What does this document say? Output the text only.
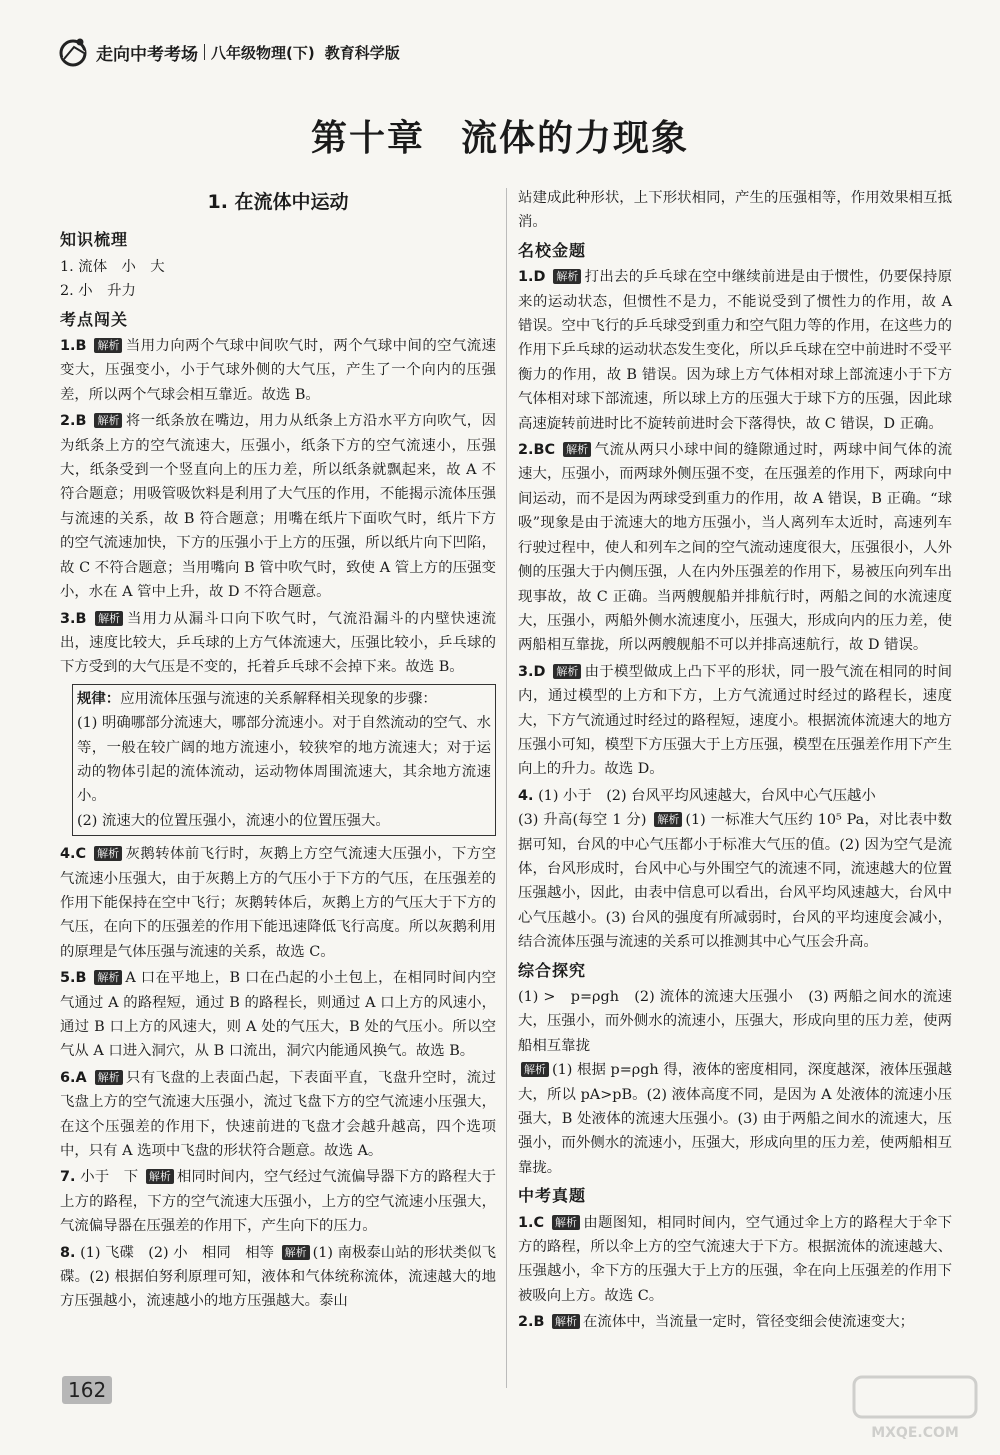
走向中考考场 八年级物理(下) 教育科学版
第十章 流体的力现象
1. 在流体中运动
知识梳理

1. 流体　小　大

2. 小　升力

考点闯关

1.B 解析 当用力向两个气球中间吹气时，两个气球中间的空气流速变大，压强变小，小于气球外侧的大气压，产生了一个向内的压强差，所以两个气球会相互靠近。故选 B。

2.B 解析 将一纸条放在嘴边，用力从纸条上方沿水平方向吹气，因为纸条上方的空气流速大，压强小，纸条下方的空气流速小，压强大，纸条受到一个竖直向上的压力差，所以纸条就飘起来，故 A 不符合题意；用吸管吸饮料是利用了大气压的作用，不能揭示流体压强与流速的关系，故 B 符合题意；用嘴在纸片下面吹气时，纸片下方的空气流速加快，下方的压强小于上方的压强，所以纸片向下凹陷，故 C 不符合题意；当用嘴向 B 管中吹气时，致使 A 管上方的压强变小，水在 A 管中上升，故 D 不符合题意。

3.B 解析 当用力从漏斗口向下吹气时，气流沿漏斗的内壁快速流出，速度比较大，乒乓球的上方气体流速大，压强比较小，乒乓球的下方受到的大气压是不变的，托着乒乓球不会掉下来。故选 B。

规律：应用流体压强与流速的关系解释相关现象的步骤：
(1) 明确哪部分流速大，哪部分流速小。对于自然流动的空气、水等，一般在较广阔的地方流速小，较狭窄的地方流速大；对于运动的物体引起的流体流动，运动物体周围流速大，其余地方流速小。
(2) 流速大的位置压强小，流速小的位置压强大。

4.C 解析 灰鹅转体前飞行时，灰鹅上方空气流速大压强小，下方空气流速小压强大，由于灰鹅上方的气压小于下方的气压，在压强差的作用下能保持在空中飞行；灰鹅转体后，灰鹅上方的气压大于下方的气压，在向下的压强差的作用下能迅速降低飞行高度。所以灰鹅利用的原理是气体压强与流速的关系，故选 C。

5.B 解析 A 口在平地上，B 口在凸起的小土包上，在相同时间内空气通过 A 的路程短，通过 B 的路程长，则通过 A 口上方的风速小，通过 B 口上方的风速大，则 A 处的气压大，B 处的气压小。所以空气从 A 口进入洞穴，从 B 口流出，洞穴内能通风换气。故选 B。

6.A 解析 只有飞盘的上表面凸起，下表面平直，飞盘升空时，流过飞盘上方的空气流速大压强小，流过飞盘下方的空气流速小压强大，在这个压强差的作用下，快速前进的飞盘才会越升越高，四个选项中，只有 A 选项中飞盘的形状符合题意。故选 A。

7. 小于　下 解析 相同时间内，空气经过气流偏导器下方的路程大于上方的路程，下方的空气流速大压强小，上方的空气流速小压强大，气流偏导器在压强差的作用下，产生向下的压力。

8. (1) 飞碟　(2) 小　相同　相等 解析 (1) 南极泰山站的形状类似飞碟。(2) 根据伯努利原理可知，液体和气体统称流体，流速越大的地方压强越小，流速越小的地方压强越大。泰山

站建成此种形状，上下形状相同，产生的压强相等，作用效果相互抵消。

名校金题

1.D 解析 打出去的乒乓球在空中继续前进是由于惯性，仍要保持原来的运动状态，但惯性不是力，不能说受到了惯性力的作用，故 A 错误。空中飞行的乒乓球受到重力和空气阻力等的作用，在这些力的作用下乒乓球的运动状态发生变化，所以乒乓球在空中前进时不受平衡力的作用，故 B 错误。因为球上方气体相对球上部流速小于下方气体相对球下部流速，所以球上方的压强大于球下方的压强，因此球高速旋转前进时比不旋转前进时会下落得快，故 C 错误，D 正确。

2.BC 解析 气流从两只小球中间的缝隙通过时，两球中间气体的流速大，压强小，而两球外侧压强不变，在压强差的作用下，两球向中间运动，而不是因为两球受到重力的作用，故 A 错误，B 正确。“球吸”现象是由于流速大的地方压强小，当人离列车太近时，高速列车行驶过程中，使人和列车之间的空气流动速度很大，压强很小，人外侧的压强大于内侧压强，人在内外压强差的作用下，易被压向列车出现事故，故 C 正确。当两艘舰船并排航行时，两船之间的水流速度大，压强小，两船外侧水流速度小，压强大，形成向内的压力差，使两船相互靠拢，所以两艘舰船不可以并排高速航行，故 D 错误。

3.D 解析 由于模型做成上凸下平的形状，同一股气流在相同的时间内，通过模型的上方和下方，上方气流通过时经过的路程长，速度大，下方气流通过时经过的路程短，速度小。根据流体流速大的地方压强小可知，模型下方压强大于上方压强，模型在压强差作用下产生向上的升力。故选 D。

4. (1) 小于　(2) 台风平均风速越大，台风中心气压越小
(3) 升高(每空 1 分) 解析 (1) 一标准大气压约 10⁵ Pa，对比表中数据可知，台风的中心气压都小于标准大气压的值。(2) 因为空气是流体，台风形成时，台风中心与外围空气的流速不同，流速越大的位置压强越小，因此，由表中信息可以看出，台风平均风速越大，台风中心气压越小。(3) 台风的强度有所减弱时，台风的平均速度会减小，结合流体压强与流速的关系可以推测其中心气压会升高。

综合探究

(1) >　p=ρgh　(2) 流体的流速大压强小　(3) 两船之间水的流速大，压强小，而外侧水的流速小，压强大，形成向里的压力差，使两船相互靠拢
解析 (1) 根据 p=ρgh 得，液体的密度相同，深度越深，液体压强越大，所以 pA>pB。(2) 液体高度不同，是因为 A 处液体的流速小压强大，B 处液体的流速大压强小。(3) 由于两船之间水的流速大，压强小，而外侧水的流速小，压强大，形成向里的压力差，使两船相互靠拢。

中考真题

1.C 解析 由题图知，相同时间内，空气通过伞上方的路程大于伞下方的路程，所以伞上方的空气流速大于下方。根据流体的流速越大、压强越小，伞下方的压强大于上方的压强，伞在向上压强差的作用下被吸向上方。故选 C。

2.B 解析 在流体中，当流量一定时，管径变细会使流速变大；

162
MXQE.COM
